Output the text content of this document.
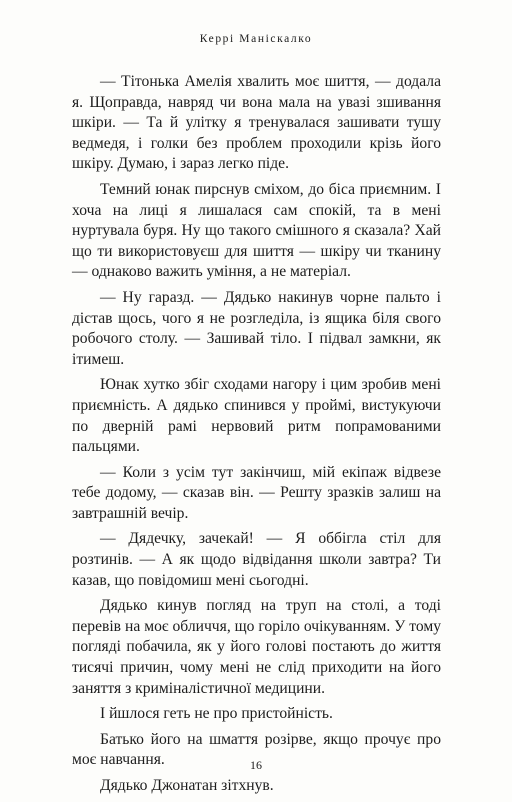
Керрі Маніскалко

— Тітонька Амелія хвалить моє шиття, — додала я. Щоправда, навряд чи вона мала на увазі зшивання шкіри. — Та й улітку я тренувалася зашивати тушу ведмедя, і голки без проблем проходили крізь його шкіру. Думаю, і зараз легко піде.

Темний юнак пирснув сміхом, до біса приємним. І хоча на лиці я лишалася сам спокій, та в мені нуртувала буря. Ну що такого смішного я сказала? Хай що ти використовуєш для шиття — шкіру чи тканину — однаково важить уміння, а не матеріал.

— Ну гаразд. — Дядько накинув чорне пальто і дістав щось, чого я не розгледіла, із ящика біля свого робочого столу. — Зашивай тіло. І підвал замкни, як ітимеш.

Юнак хутко збіг сходами нагору і цим зробив мені приємність. А дядько спинився у проймі, вистукуючи по дверній рамі нервовий ритм попрамованими пальцями.

— Коли з усім тут закінчиш, мій екіпаж відвезе тебе додому, — сказав він. — Решту зразків залиш на завтрашній вечір.

— Дядечку, зачекай! — Я оббігла стіл для розтинів. — А як щодо відвідання школи завтра? Ти казав, що повідомиш мені сьогодні.

Дядько кинув погляд на труп на столі, а тоді перевів на моє обличчя, що горіло очікуванням. У тому погляді побачила, як у його голові постають до життя тисячі причин, чому мені не слід приходити на його заняття з криміналістичної медицини.

І йшлося геть не про пристойність.

Батько його на шмаття розірве, якщо прочує про моє навчання.

Дядько Джонатан зітхнув.

16
